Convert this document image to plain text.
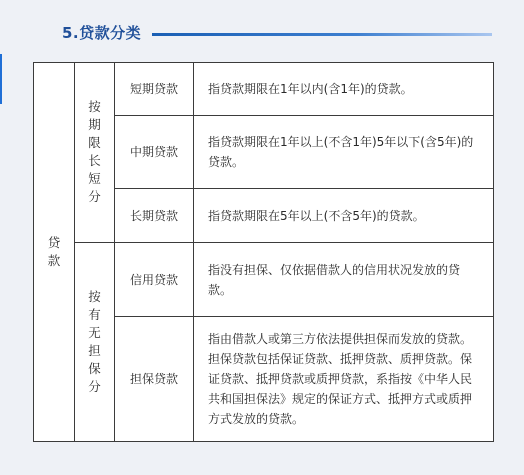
5.贷款分类
贷款	按期限长短分	短期贷款	指贷款期限在1年以内(含1年)的贷款。
		中期贷款	指贷款期限在1年以上(不含1年)5年以下(含5年)的贷款。
		长期贷款	指贷款期限在5年以上(不含5年)的贷款。
	按有无担保分	信用贷款	指没有担保、仅依据借款人的信用状况发放的贷款。
		担保贷款	指由借款人或第三方依法提供担保而发放的贷款。担保贷款包括保证贷款、抵押贷款、质押贷款。保证贷款、抵押贷款或质押贷款，系指按《中华人民共和国担保法》规定的保证方式、抵押方式或质押方式发放的贷款。
